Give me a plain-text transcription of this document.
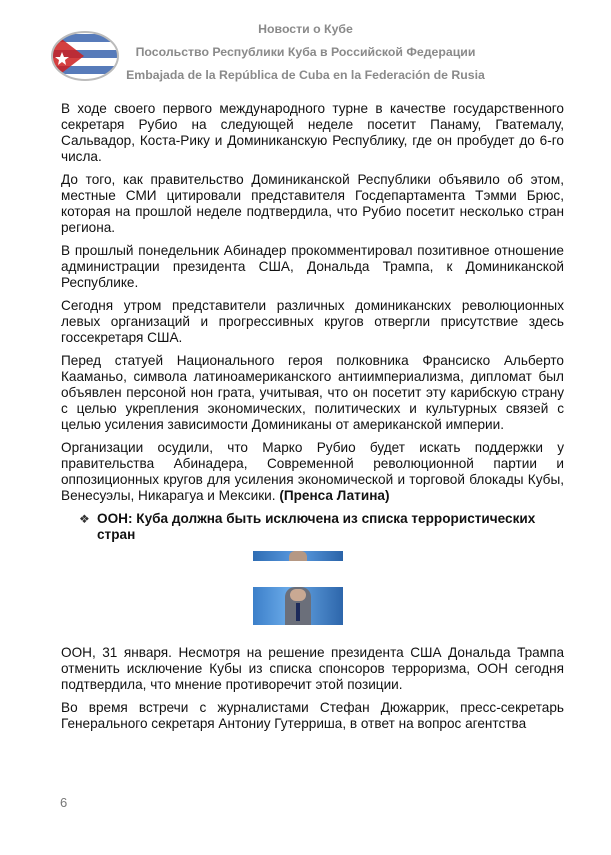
Новости о Кубе
Посольство Республики Куба в Российской Федерации
Embajada de la República de Cuba en la Federación de Rusia

В ходе своего первого международного турне в качестве государственного секретаря Рубио на следующей неделе посетит Панаму, Гватемалу, Сальвадор, Коста-Рику и Доминиканскую Республику, где он пробудет до 6-го числа.

До того, как правительство Доминиканской Республики объявило об этом, местные СМИ цитировали представителя Госдепартамента Тэмми Брюс, которая на прошлой неделе подтвердила, что Рубио посетит несколько стран региона.

В прошлый понедельник Абинадер прокомментировал позитивное отношение администрации президента США, Дональда Трампа, к Доминиканской Республике.

Сегодня утром представители различных доминиканских революционных левых организаций и прогрессивных кругов отвергли присутствие здесь госсекретаря США.

Перед статуей Национального героя полковника Франсиско Альберто Кааманьо, символа латиноамериканского антиимпериализма, дипломат был объявлен персоной нон грата, учитывая, что он посетит эту карибскую страну с целью укрепления экономических, политических и культурных связей с целью усиления зависимости Доминиканы от американской империи.

Организации осудили, что Марко Рубио будет искать поддержки у правительства Абинадера, Современной революционной партии и оппозиционных кругов для усиления экономической и торговой блокады Кубы, Венесуэлы, Никарагуа и Мексики. (Пренса Латина)

❖ ООН: Куба должна быть исключена из списка террористических стран

ООН, 31 января. Несмотря на решение президента США Дональда Трампа отменить исключение Кубы из списка спонсоров терроризма, ООН сегодня подтвердила, что мнение противоречит этой позиции.

Во время встречи с журналистами Стефан Дюжаррик, пресс-секретарь Генерального секретаря Антониу Гутерриша, в ответ на вопрос агентства

6
